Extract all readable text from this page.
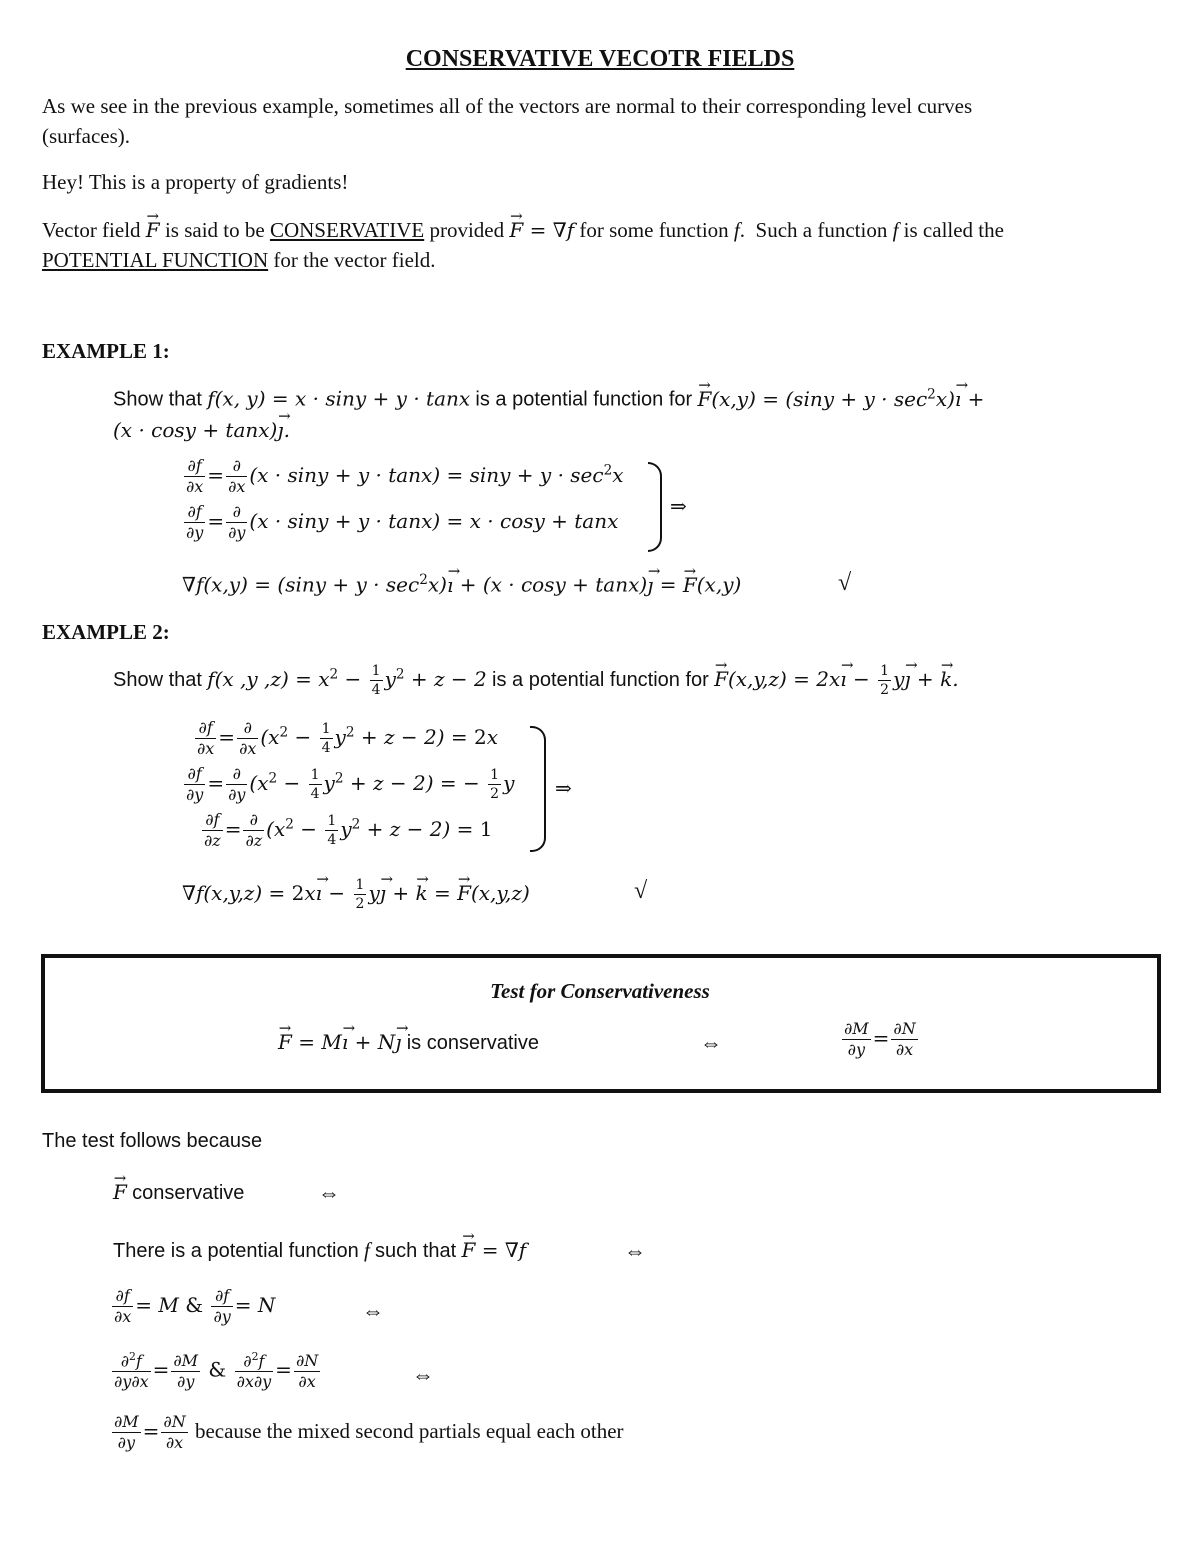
CONSERVATIVE VECOTR FIELDS
As we see in the previous example, sometimes all of the vectors are normal to their corresponding level curves
(surfaces).
Hey! This is a property of gradients!
Vector field → F is said to be CONSERVATIVE provided → F = ∇f for some function f.  Such a function f is called the
POTENTIAL FUNCTION for the vector field.
EXAMPLE 1:
Show that f(x, y) = x · siny + y · tanx is a potential function for → $F(x,y) = (\sin y + y \cdot \sec^2x)\to$ ı +
(x · cosy + tanx)→ ȷ.
$\frac{\partial f}{\partial x} = \frac{\partial}{\partial x} (x \cdot \sin y + y \cdot \tan x) = \sin y + y \cdot \sec^2x$
$\frac{\partial f}{\partial y} = \frac{\partial}{\partial y} (x \cdot \sin y + y \cdot \tan x) = x \cdot \cos y + \tan x$
⇒
$\nabla f(x,y) = (\sin y + y \cdot \sec^2x)\to$ ı + (x · cosy + tanx)→ ȷ = → F(x,y)	√
EXAMPLE 2:
Show that f(x ,y $,z) = x^2 - \frac{1}{4} y^2 + z - 2$ is a potential function for → F(x,y,z) = 2x→ ı − $\frac{1}{2} y\to$ ȷ + → k.
$\frac{\partial f}{\partial x} = \frac{\partial}{\partial x} (x^2 - \frac{1}{4} y^2 + z - 2) = 2x$
$\frac{\partial f}{\partial y} = \frac{\partial}{\partial y} (x^2 - \frac{1}{4} y^2 + z - 2)$ = − $\frac{1}{2}$ y
$\frac{\partial f}{\partial z} = \frac{\partial}{\partial z} (x^2 - \frac{1}{4} y^2 + z - 2) = 1$
⇒
∇f(x,y,z) = 2x→ ı − $\frac{1}{2} y\to$ ȷ + → k = → F(x,y,z)	√
Test for Conservativeness
→ F = M→ ı + N→ ȷ is conservative	⇔	$\frac{\partial M}{\partial y} = \frac{\partial N}{\partial x}$
The test follows because
→ F conservative	⇔
There is a potential function f such that → F = ∇f	⇔
$\frac{\partial f}{\partial x} = M$ & $\frac{\partial f}{\partial y} = N$	⇔
$\frac{\partial^2f}{\partial y\partial x} = \frac{\partial M}{\partial y}$ & $\frac{\partial^2f}{\partial x\partial y} = \frac{\partial N}{\partial x}$	⇔
$\frac{\partial M}{\partial y} = \frac{\partial N}{\partial x}$ because the mixed second partials equal each other
